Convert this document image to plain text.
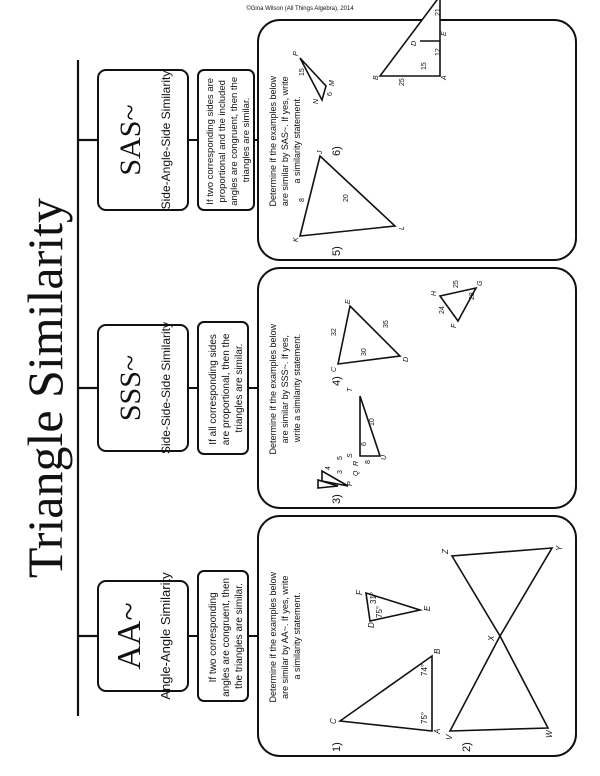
Triangle Similarity
AA~ Angle-Angle Similarity	If two corresponding angles are congruent, then the triangles are similar.	Determine if the examples below are similar by AA~. If yes, write a similarity statement.
1)
A
B
C
74°
75°
D
E
F
75°
31°
2)
V	W
X
Y
Z
SSS~ Side-Side-Side Similarity	If all corresponding sides are proportional, then the triangles are similar.	Determine if the examples below are similar by SSS~. If yes, write a similarity statement.
3)
P
Q
R
3
4
5
S
T
U
6
8
10
4)
C
D
E
30
35
32
F
G
H
24
28
25
SAS~ Side-Angle-Side Similarity	If two corresponding sides are proportional and the included angles are congruent, then the triangles are similar. Determine if the examples below are similar by SAS~. If yes, write a similarity statement.
5)
K
J
L
8	20
N
M
P
6
15
6)
B	A
D
E
25
15
12
21
©Gina Wilson (All Things Algebra), 2014
